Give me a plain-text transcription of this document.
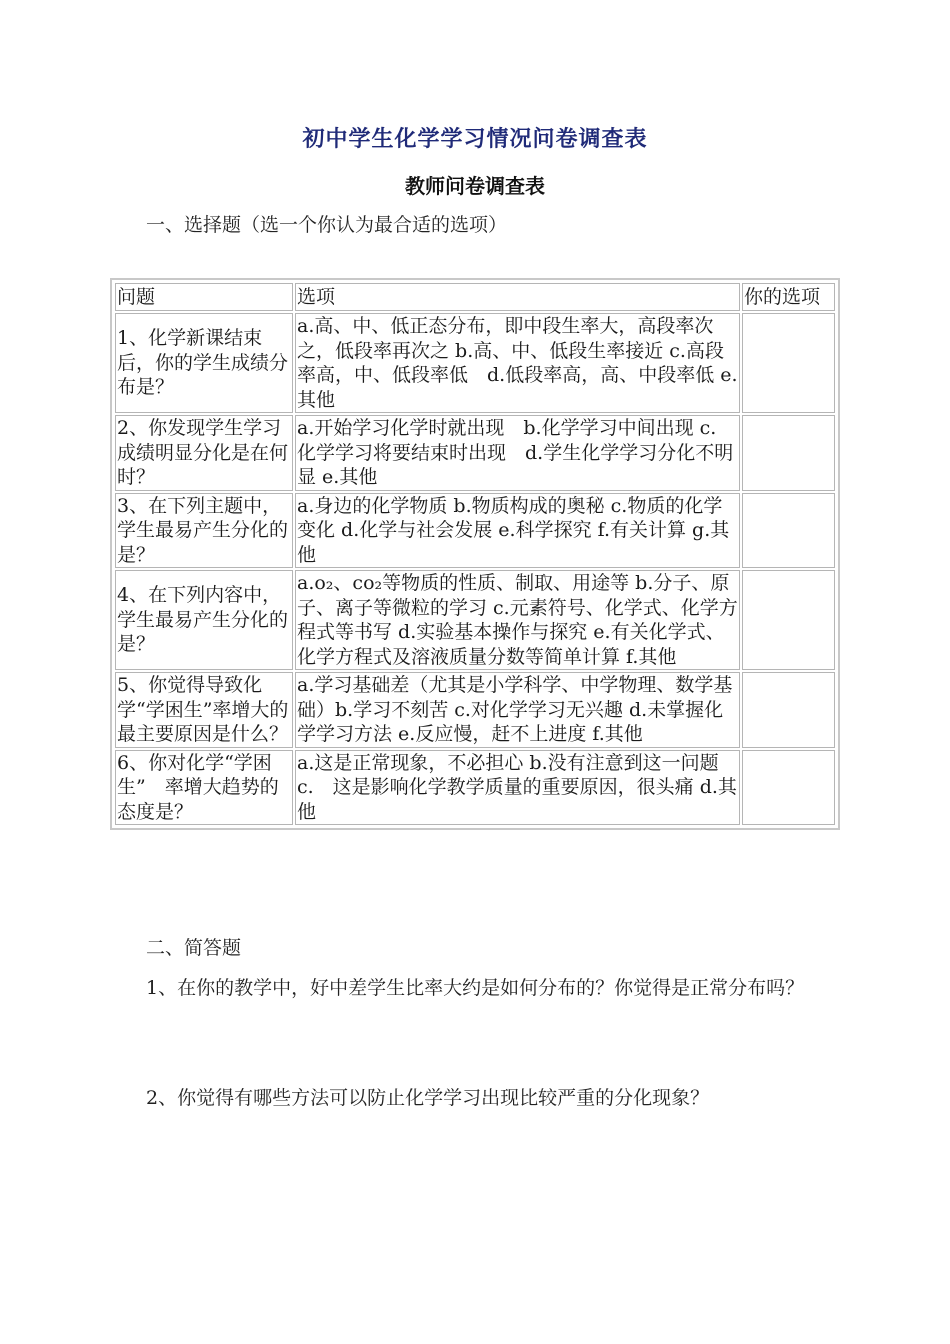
初中学生化学学习情况问卷调查表
教师问卷调查表
一、选择题（选一个你认为最合适的选项）
问题	选项	你的选项
1、化学新课结束后，你的学生成绩分布是？	a.高、中、低正态分布，即中段生率大，高段率次之，低段率再次之 b.高、中、低段生率接近 c.高段率高，中、低段率低　d.低段率高，高、中段率低 e.其他	
2、你发现学生学习成绩明显分化是在何时？	a.开始学习化学时就出现　b.化学学习中间出现 c.　化学学习将要结束时出现　d.学生化学学习分化不明显 e.其他	
3、在下列主题中，学生最易产生分化的是？	a.身边的化学物质 b.物质构成的奥秘 c.物质的化学变化 d.化学与社会发展 e.科学探究 f.有关计算 g.其他	
4、在下列内容中，学生最易产生分化的是？	a.o₂、co₂等物质的性质、制取、用途等 b.分子、原子、离子等微粒的学习 c.元素符号、化学式、化学方程式等书写 d.实验基本操作与探究 e.有关化学式、化学方程式及溶液质量分数等简单计算 f.其他	
5、你觉得导致化学“学困生”率增大的最主要原因是什么？	a.学习基础差（尤其是小学科学、中学物理、数学基础）b.学习不刻苦 c.对化学学习无兴趣 d.未掌握化学学习方法 e.反应慢，赶不上进度 f.其他	
6、你对化学“学困生”　率增大趋势的态度是？	a.这是正常现象，不必担心 b.没有注意到这一问题 c.　这是影响化学教学质量的重要原因，很头痛 d.其他	
二、简答题
1、在你的教学中，好中差学生比率大约是如何分布的？你觉得是正常分布吗？
2、你觉得有哪些方法可以防止化学学习出现比较严重的分化现象？
